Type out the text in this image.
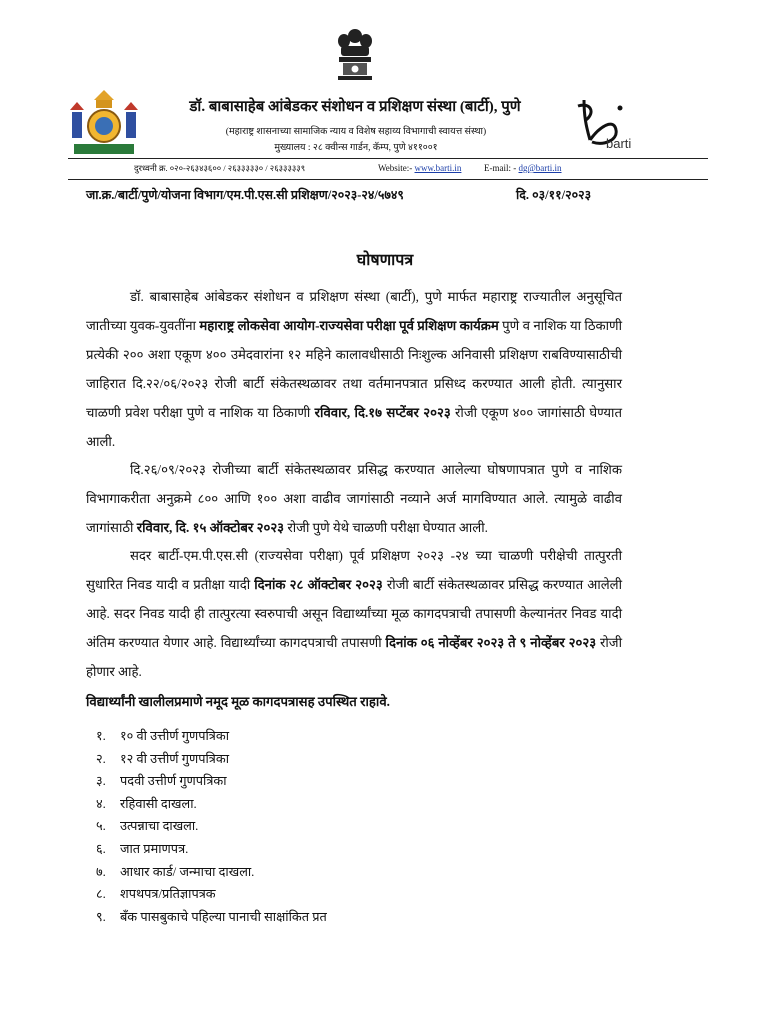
barti
डॉ. बाबासाहेब आंबेडकर संशोधन व प्रशिक्षण संस्था (बार्टी), पुणे
(महाराष्ट्र शासनाच्या सामाजिक न्याय व विशेष सहाय्य विभागाची स्वायत्त संस्था)
मुख्यालय : २८ क्वीन्स गार्डन, कॅम्प, पुणे ४११००१
दुरध्वनी क्र. ०२०-२६३४३६०० / २६३३३३३० / २६३३३३३९	Website:- www.barti.in	E-mail: - dg@barti.in
जा.क्र./बार्टी/पुणे/योजना विभाग/एम.पी.एस.सी प्रशिक्षण/२०२३-२४/५७४९	दि. ०३/११/२०२३
घोषणापत्र
डॉ. बाबासाहेब आंबेडकर संशोधन व प्रशिक्षण संस्था (बार्टी), पुणे मार्फत महाराष्ट्र राज्यातील अनुसूचित जातीच्या युवक-युवतींना महाराष्ट्र लोकसेवा आयोग-राज्यसेवा परीक्षा पूर्व प्रशिक्षण कार्यक्रम पुणे व नाशिक या ठिकाणी प्रत्येकी २०० अशा एकूण ४०० उमेदवारांना १२ महिने कालावधीसाठी निःशुल्क अनिवासी प्रशिक्षण राबविण्यासाठीची जाहिरात दि.२२/०६/२०२३ रोजी बार्टी संकेतस्थळावर तथा वर्तमानपत्रात प्रसिध्द करण्यात आली होती. त्यानुसार चाळणी प्रवेश परीक्षा पुणे व नाशिक या ठिकाणी रविवार, दि.१७ सप्टेंबर २०२३ रोजी एकूण ४०० जागांसाठी घेण्यात आली.
दि.२६/०९/२०२३ रोजीच्या बार्टी संकेतस्थळावर प्रसिद्ध करण्यात आलेल्या घोषणापत्रात पुणे व नाशिक विभागाकरीता अनुक्रमे ८०० आणि १०० अशा वाढीव जागांसाठी नव्याने अर्ज मागविण्यात आले. त्यामुळे वाढीव जागांसाठी रविवार, दि. १५ ऑक्टोबर २०२३ रोजी पुणे येथे चाळणी परीक्षा घेण्यात आली.
सदर बार्टी-एम.पी.एस.सी (राज्यसेवा परीक्षा) पूर्व प्रशिक्षण २०२३ -२४ च्या चाळणी परीक्षेची तात्पुरती सुधारित निवड यादी व प्रतीक्षा यादी दिनांक २८ ऑक्टोबर २०२३ रोजी बार्टी संकेतस्थळावर प्रसिद्ध करण्यात आलेली आहे. सदर निवड यादी ही तात्पुरत्या स्वरुपाची असून विद्यार्थ्यांच्या मूळ कागदपत्राची तपासणी केल्यानंतर निवड यादी अंतिम करण्यात येणार आहे. विद्यार्थ्यांच्या कागदपत्राची तपासणी दिनांक ०६ नोव्हेंबर २०२३ ते ९ नोव्हेंबर २०२३ रोजी होणार आहे.
विद्यार्थ्यांनी खालीलप्रमाणे नमूद मूळ कागदपत्रासह उपस्थित राहावे.
१.	१० वी उत्तीर्ण गुणपत्रिका
२.	१२ वी उत्तीर्ण गुणपत्रिका
३.	पदवी उत्तीर्ण गुणपत्रिका
४.	रहिवासी दाखला.
५.	उत्पन्नाचा दाखला.
६.	जात प्रमाणपत्र.
७.	आधार कार्ड/ जन्माचा दाखला.
८.	शपथपत्र/प्रतिज्ञापत्रक
९.	बँक पासबुकाचे पहिल्या पानाची साक्षांकित प्रत
